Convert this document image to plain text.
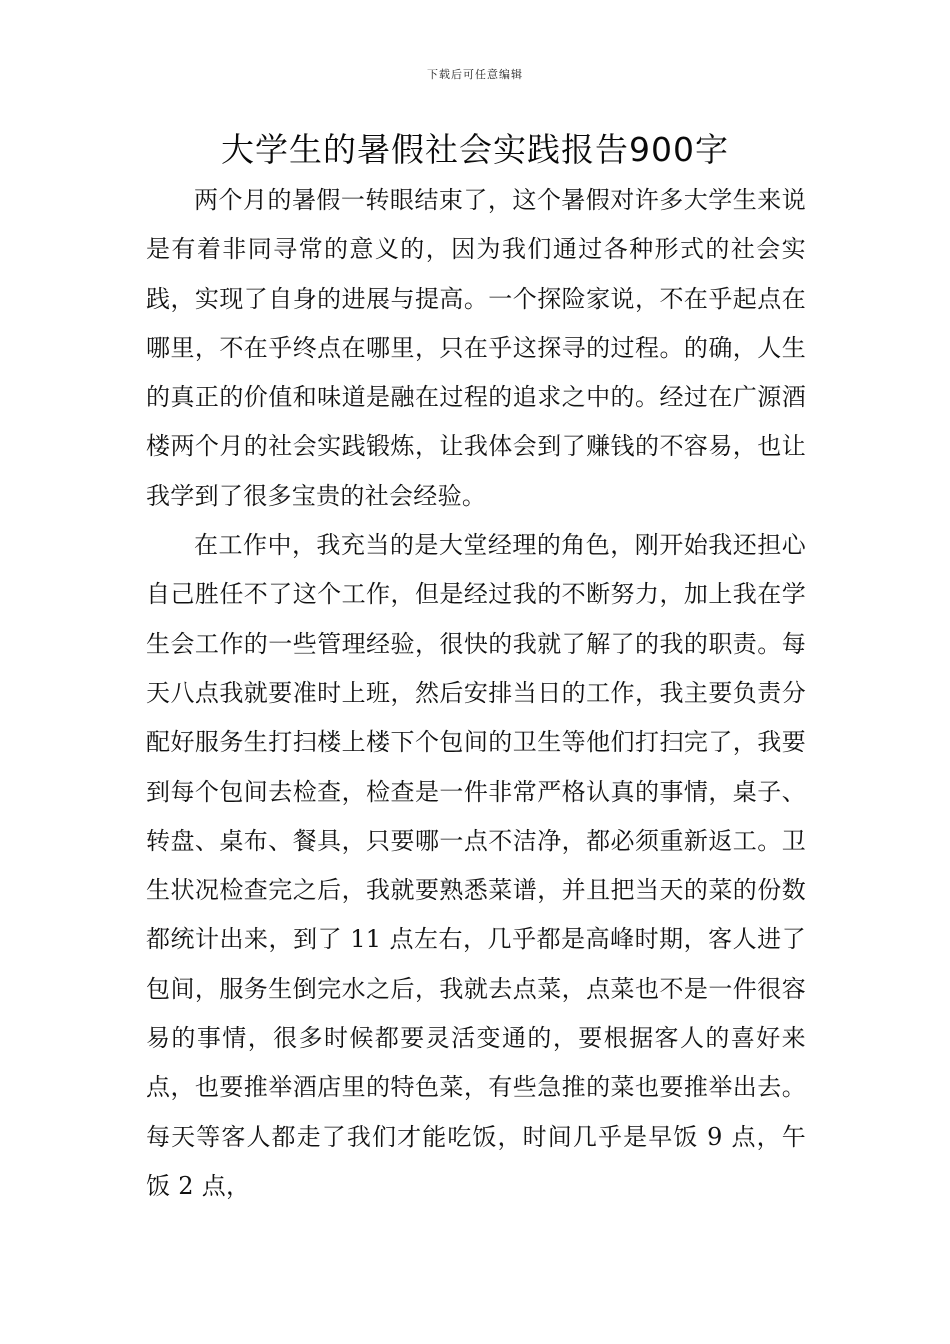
下载后可任意编辑
大学生的暑假社会实践报告900字

两个月的暑假一转眼结束了，这个暑假对许多大学生来说是有着非同寻常的意义的，因为我们通过各种形式的社会实践，实现了自身的进展与提高。一个探险家说，不在乎起点在哪里，不在乎终点在哪里，只在乎这探寻的过程。的确，人生的真正的价值和味道是融在过程的追求之中的。经过在广源酒楼两个月的社会实践锻炼，让我体会到了赚钱的不容易，也让我学到了很多宝贵的社会经验。

在工作中，我充当的是大堂经理的角色，刚开始我还担心自己胜任不了这个工作，但是经过我的不断努力，加上我在学生会工作的一些管理经验，很快的我就了解了的我的职责。每天八点我就要准时上班，然后安排当日的工作，我主要负责分配好服务生打扫楼上楼下个包间的卫生等他们打扫完了，我要到每个包间去检查，检查是一件非常严格认真的事情，桌子、转盘、桌布、餐具，只要哪一点不洁净，都必须重新返工。卫生状况检查完之后，我就要熟悉菜谱，并且把当天的菜的份数都统计出来，到了 11 点左右，几乎都是高峰时期，客人进了包间，服务生倒完水之后，我就去点菜，点菜也不是一件很容易的事情，很多时候都要灵活变通的，要根据客人的喜好来点，也要推举酒店里的特色菜，有些急推的菜也要推举出去。每天等客人都走了我们才能吃饭，时间几乎是早饭 9 点，午饭 2 点，
